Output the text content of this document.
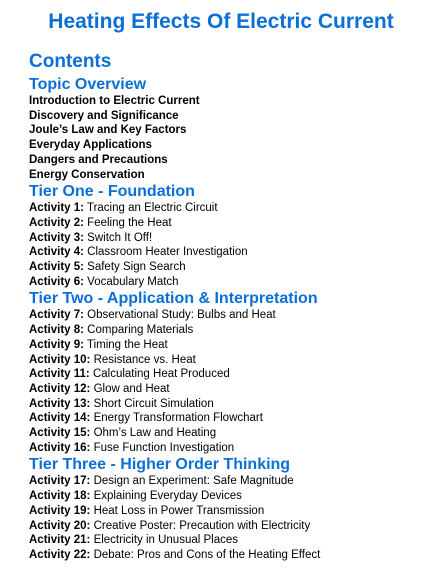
Heating Effects Of Electric Current
Contents
Topic Overview
Introduction to Electric Current
Discovery and Significance
Joule’s Law and Key Factors
Everyday Applications
Dangers and Precautions
Energy Conservation
Tier One - Foundation
Activity 1: Tracing an Electric Circuit
Activity 2: Feeling the Heat
Activity 3: Switch It Off!
Activity 4: Classroom Heater Investigation
Activity 5: Safety Sign Search
Activity 6: Vocabulary Match
Tier Two - Application & Interpretation
Activity 7: Observational Study: Bulbs and Heat
Activity 8: Comparing Materials
Activity 9: Timing the Heat
Activity 10: Resistance vs. Heat
Activity 11: Calculating Heat Produced
Activity 12: Glow and Heat
Activity 13: Short Circuit Simulation
Activity 14: Energy Transformation Flowchart
Activity 15: Ohm’s Law and Heating
Activity 16: Fuse Function Investigation
Tier Three - Higher Order Thinking
Activity 17: Design an Experiment: Safe Magnitude
Activity 18: Explaining Everyday Devices
Activity 19: Heat Loss in Power Transmission
Activity 20: Creative Poster: Precaution with Electricity
Activity 21: Electricity in Unusual Places
Activity 22: Debate: Pros and Cons of the Heating Effect
